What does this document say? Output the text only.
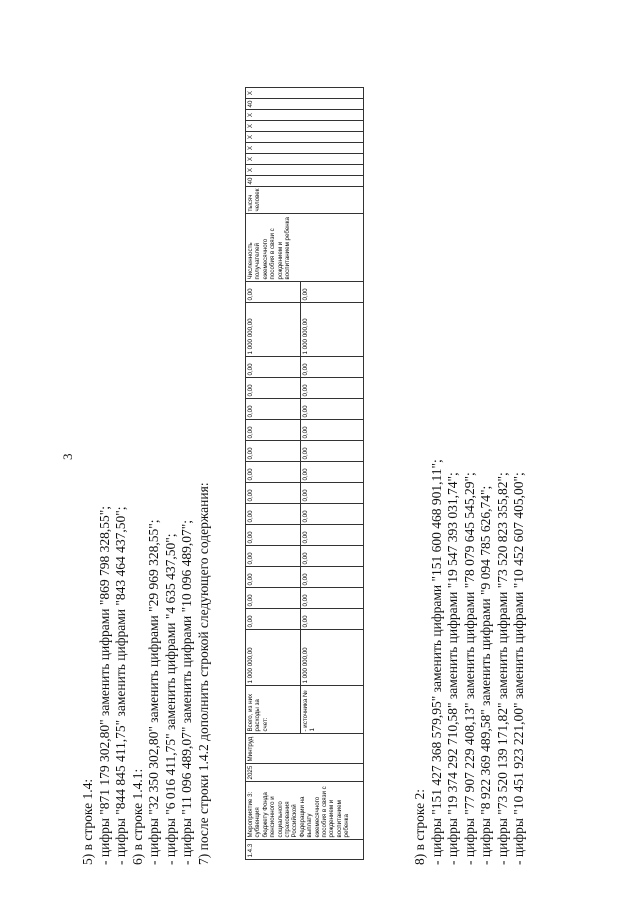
3
5) в строке 1.4: - цифры "871 179 302,80" заменить цифрами "869 798 328,55"; - цифры "844 845 411,75" заменить цифрами "843 464 437,50"; 6) в строке 1.4.1: - цифры "32 350 302,80" заменить цифрами "29 969 328,55"; - цифры "6 016 411,75" заменить цифрами "4 635 437,50"; - цифры "11 096 489,07" заменить цифрами "10 096 489,07"; 7) после строки 1.4.2 дополнить строкой следующего содержания:	1.4.3	Мероприятие 3: субвенция бюджету Фонда пенсионного и социального страхования Российской Федерации на выплату ежемесячного пособия в связи с рождением и воспитанием ребенка	2025	Минтруд	Всего, из них расходы за счет:	1 000 000,00	0,00	0,00	0,00	0,00	0,00	0,00	0,00	0,00	0,00	0,00	0,00	0,00	0,00	1 000 000,00	0,00	Численность получателей ежемесячного пособия в связи с рождением и воспитанием ребенка	тысяч человек	40	X	X	X	X	X	X	40	X
				- источника № 1	1 000 000,00	0,00	0,00	0,00	0,00	0,00	0,00	0,00	0,00	0,00	0,00	0,00	0,00	0,00	1 000 000,00	0,00											
8) в строке 2: - цифры "151 427 368 579,95" заменить цифрами "151 600 468 901,11"; - цифры "19 374 292 710,58" заменить цифрами "19 547 393 031,74"; - цифры "77 907 229 408,13" заменить цифрами "78 079 645 545,29"; - цифры "8 922 369 489,58" заменить цифрами "9 094 785 626,74"; - цифры "73 520 139 171,82" заменить цифрами "73 520 823 355,82"; - цифры "10 451 923 221,00" заменить цифрами "10 452 607 405,00";
